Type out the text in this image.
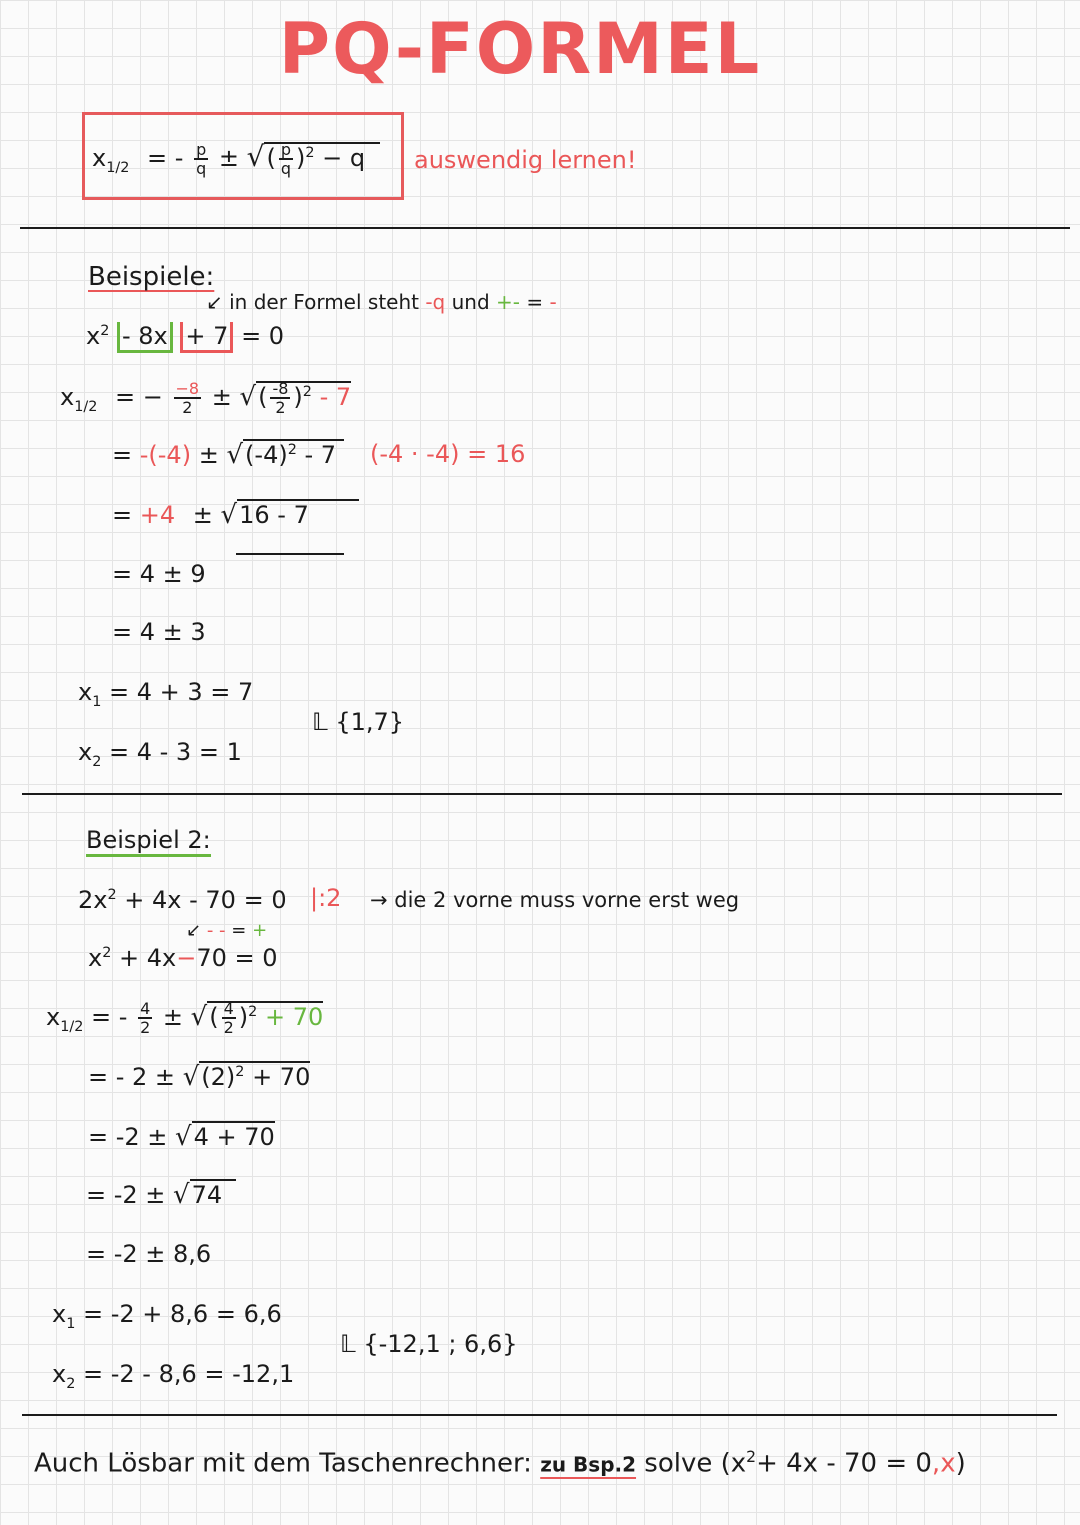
PQ-FORMEL
$x_{1/2}$ = - $\frac{p}{q}$ ± √( $\frac{p}{q} )^2 - q$	auswendig lernen!
Beispiele:
↙ in der Formel steht -q und +- = -
$x^2 - 8x + 7 = 0$
$x_{1/2}$ = − $\frac{-8}{2}$ ± √( $\frac{-8}{2} )^2 - 7$
= $-(-4) \pm √(-4)^2 - 7$	(-4 · -4) = 16
= +4 ± √16 - 7
= 4 ± 9
= 4 ± 3
$x_1 = 4 + 3 = 7$
$x_2 = 4 - 3 = 1$
𝕃 {1,7}
Beispiel 2:
$2x^2 + 4x - 70 = 0$ |:2 → die 2 vorne muss vorne erst weg
↙ - - = +
$x^2 + 4x-70 = 0$
$x_{1/2}$ = - $\frac{4}{2}$ ± √( $\frac{4}{2} )^2 + 70$
= - $2 \pm √(2)^2 + 70$
= -2 ± √4 + 70
= -2 ± √74
= -2 ± 8,6
$x_1 = -2 + 8,6 = 6,6$
$x_2 = -2 - 8,6 = -12,1$
𝕃 {-12,1 ; 6,6}
Auch Lösbar mit dem Taschenrechner: zu Bsp.2 solve $(x^2+ 4x - 70 = 0,x)$
